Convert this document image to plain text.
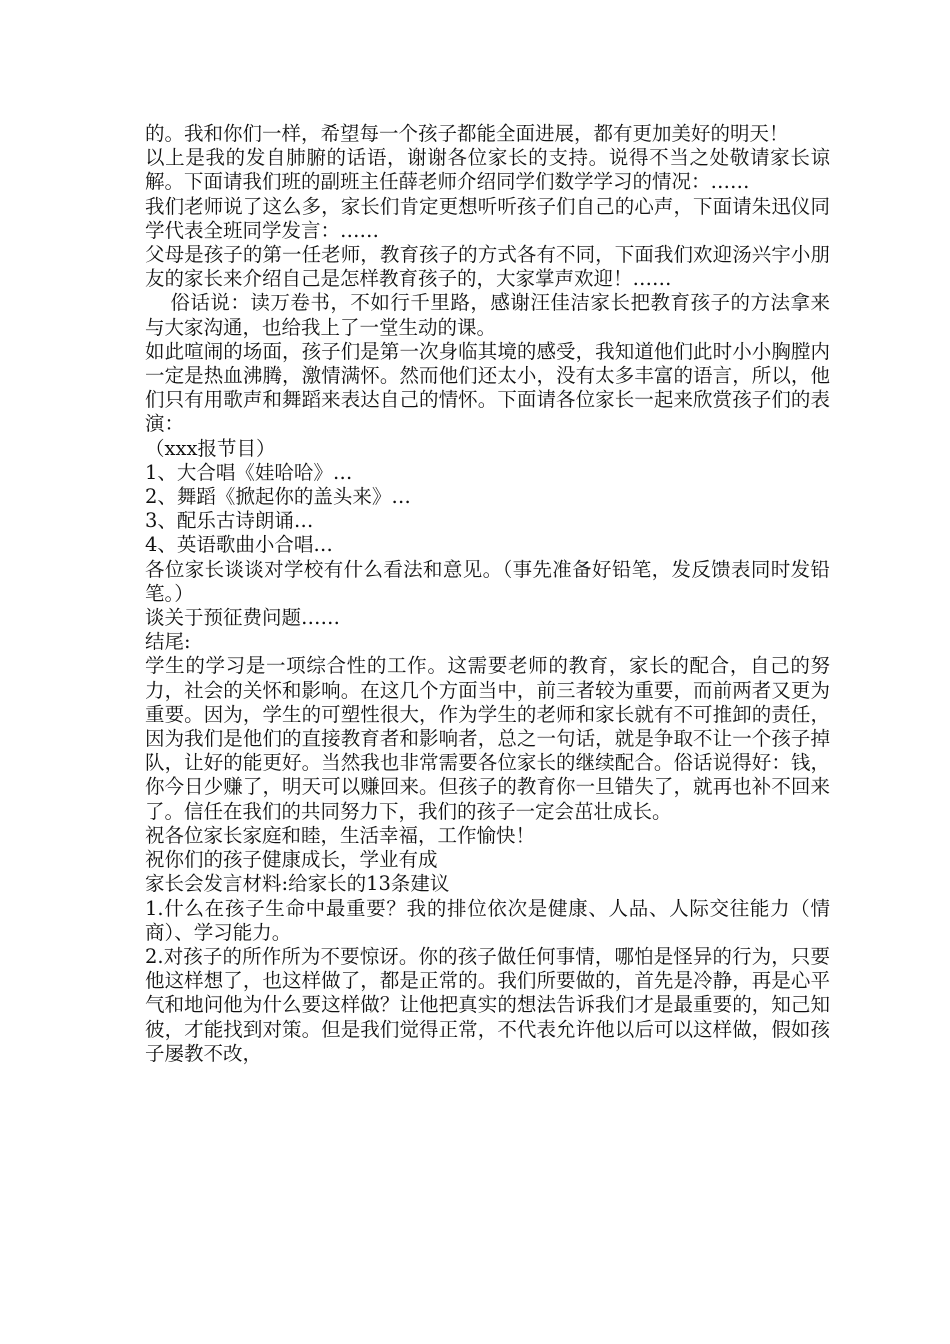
的。我和你们一样，希望每一个孩子都能全面进展，都有更加美好的明天！

以上是我的发自肺腑的话语，谢谢各位家长的支持。说得不当之处敬请家长谅解。下面请我们班的副班主任薛老师介绍同学们数学学习的情况：……

我们老师说了这么多，家长们肯定更想听听孩子们自己的心声，下面请朱迅仪同学代表全班同学发言：……

父母是孩子的第一任老师，教育孩子的方式各有不同，下面我们欢迎汤兴宇小朋友的家长来介绍自己是怎样教育孩子的，大家掌声欢迎！……

俗话说：读万卷书，不如行千里路，感谢汪佳洁家长把教育孩子的方法拿来与大家沟通，也给我上了一堂生动的课。

如此喧闹的场面，孩子们是第一次身临其境的感受，我知道他们此时小小胸膛内一定是热血沸腾，激情满怀。然而他们还太小，没有太多丰富的语言，所以，他们只有用歌声和舞蹈来表达自己的情怀。下面请各位家长一起来欣赏孩子们的表演：

（xxx报节目）

1、大合唱《娃哈哈》…

2、舞蹈《掀起你的盖头来》…

3、配乐古诗朗诵…

4、英语歌曲小合唱…

各位家长谈谈对学校有什么看法和意见。（事先准备好铅笔，发反馈表同时发铅笔。）

谈关于预征费问题……

结尾:

学生的学习是一项综合性的工作。这需要老师的教育，家长的配合，自己的努力，社会的关怀和影响。在这几个方面当中，前三者较为重要，而前两者又更为重要。因为，学生的可塑性很大，作为学生的老师和家长就有不可推卸的责任，因为我们是他们的直接教育者和影响者，总之一句话，就是争取不让一个孩子掉队，让好的能更好。当然我也非常需要各位家长的继续配合。俗话说得好：钱，你今日少赚了，明天可以赚回来。但孩子的教育你一旦错失了，就再也补不回来了。信任在我们的共同努力下，我们的孩子一定会茁壮成长。

祝各位家长家庭和睦，生活幸福，工作愉快！

祝你们的孩子健康成长，学业有成

家长会发言材料:给家长的13条建议

1.什么在孩子生命中最重要？我的排位依次是健康、人品、人际交往能力（情商）、学习能力。

2.对孩子的所作所为不要惊讶。你的孩子做任何事情，哪怕是怪异的行为，只要他这样想了，也这样做了，都是正常的。我们所要做的，首先是冷静，再是心平气和地问他为什么要这样做？让他把真实的想法告诉我们才是最重要的，知己知彼，才能找到对策。但是我们觉得正常，不代表允许他以后可以这样做，假如孩子屡教不改，
